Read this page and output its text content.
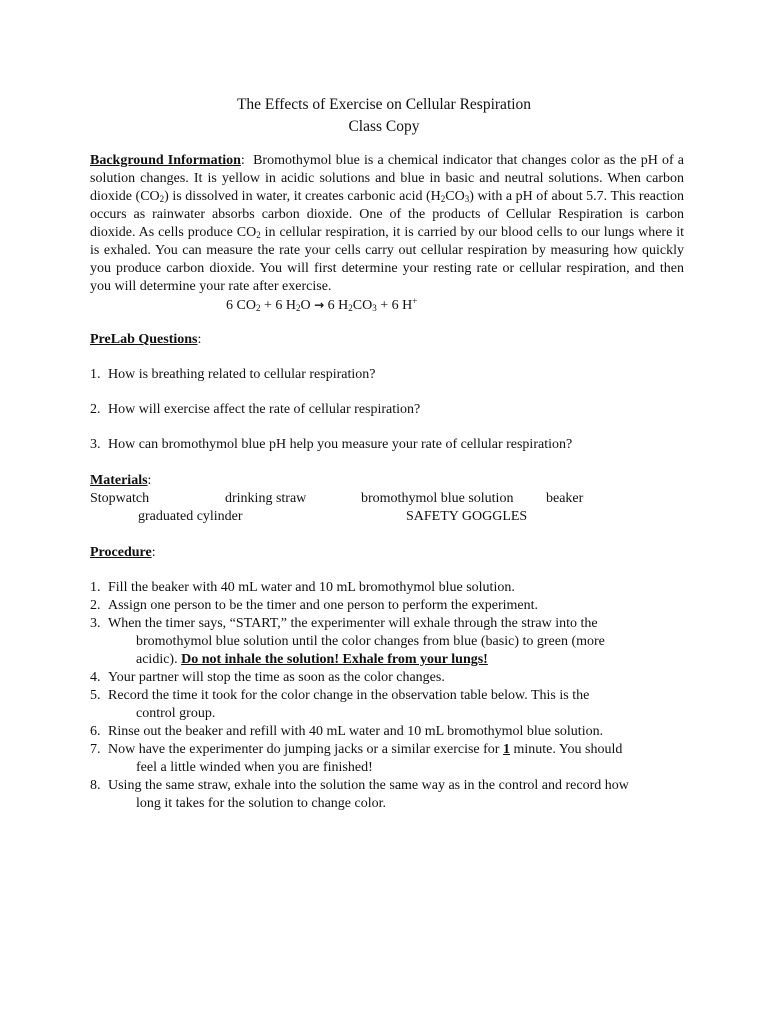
The Effects of Exercise on Cellular Respiration
Class Copy

Background Information: Bromothymol blue is a chemical indicator that changes color as the pH of a solution changes. It is yellow in acidic solutions and blue in basic and neutral solutions. When carbon dioxide $(CO_2)$ is dissolved in water, it creates carbonic acid $(H_2CO_3)$ with a pH of about 5.7. This reaction occurs as rainwater absorbs carbon dioxide. One of the products of Cellular Respiration is carbon dioxide. As cells produce $CO_2$ in cellular respiration, it is carried by our blood cells to our lungs where it is exhaled. You can measure the rate your cells carry out cellular respiration by measuring how quickly you produce carbon dioxide. You will first determine your resting rate or cellular respiration, and then you will determine your rate after exercise.

6 $CO_2 + 6$ $H_2O \to 6$ $H_2CO_3 + 6$ H+

PreLab Questions:

1. How is breathing related to cellular respiration?

2. How will exercise affect the rate of cellular respiration?

3. How can bromothymol blue pH help you measure your rate of cellular respiration?

Materials:

Stopwatch	drinking straw	bromothymol blue solution beaker
graduated cylinder	SAFETY GOGGLES

Procedure:

1. Fill the beaker with 40 mL water and 10 mL bromothymol blue solution.
2. Assign one person to be the timer and one person to perform the experiment.
3. When the timer says, “START,” the experimenter will exhale through the straw into the
bromothymol blue solution until the color changes from blue (basic) to green (more
acidic). Do not inhale the solution! Exhale from your lungs!
4. Your partner will stop the time as soon as the color changes.
5. Record the time it took for the color change in the observation table below. This is the
control group.
6. Rinse out the beaker and refill with 40 mL water and 10 mL bromothymol blue solution.
7. Now have the experimenter do jumping jacks or a similar exercise for 1 minute. You should
feel a little winded when you are finished!
8. Using the same straw, exhale into the solution the same way as in the control and record how
long it takes for the solution to change color.
